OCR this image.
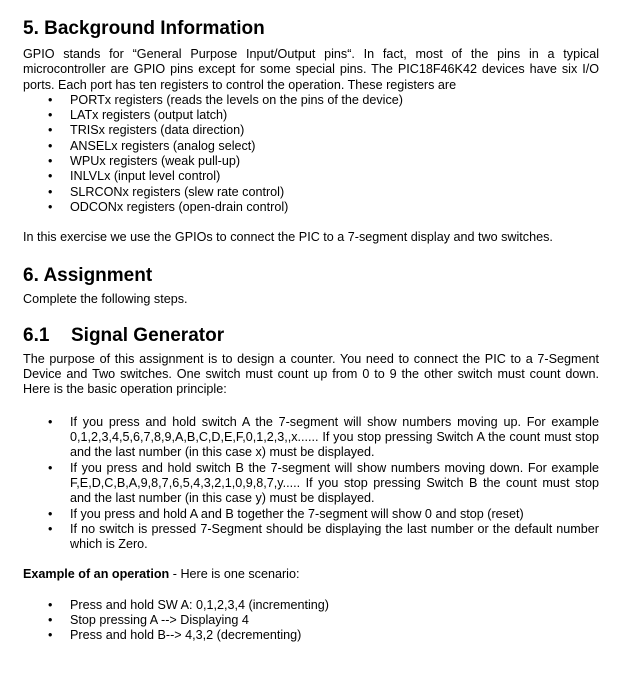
5. Background Information

GPIO stands for “General Purpose Input/Output pins“. In fact, most of the pins in a typical microcontroller are GPIO pins except for some special pins. The PIC18F46K42 devices have six I/O ports. Each port has ten registers to control the operation. These registers are

• PORTx registers (reads the levels on the pins of the device)
• LATx registers (output latch)
• TRISx registers (data direction)
• ANSELx registers (analog select)
• WPUx registers (weak pull-up)
• INLVLx (input level control)
• SLRCONx registers (slew rate control)
• ODCONx registers (open-drain control)

In this exercise we use the GPIOs to connect the PIC to a 7-segment display and two switches.

6. Assignment

Complete the following steps.

6.1 Signal Generator

The purpose of this assignment is to design a counter. You need to connect the PIC to a 7-Segment Device and Two switches. One switch must count up from 0 to 9 the other switch must count down. Here is the basic operation principle:

• If you press and hold switch A the 7-segment will show numbers moving up. For example 0,1,2,3,4,5,6,7,8,9,A,B,C,D,E,F,0,1,2,3,,x...... If you stop pressing Switch A the count must stop and the last number (in this case x) must be displayed.
• If you press and hold switch B the 7-segment will show numbers moving down. For example F,E,D,C,B,A,9,8,7,6,5,4,3,2,1,0,9,8,7,y..... If you stop pressing Switch B the count must stop and the last number (in this case y) must be displayed.
• If you press and hold A and B together the 7-segment will show 0 and stop (reset)
• If no switch is pressed 7-Segment should be displaying the last number or the default number which is Zero.

Example of an operation - Here is one scenario:

• Press and hold SW A: 0,1,2,3,4 (incrementing)
• Stop pressing A --> Displaying 4
• Press and hold B--> 4,3,2 (decrementing)
